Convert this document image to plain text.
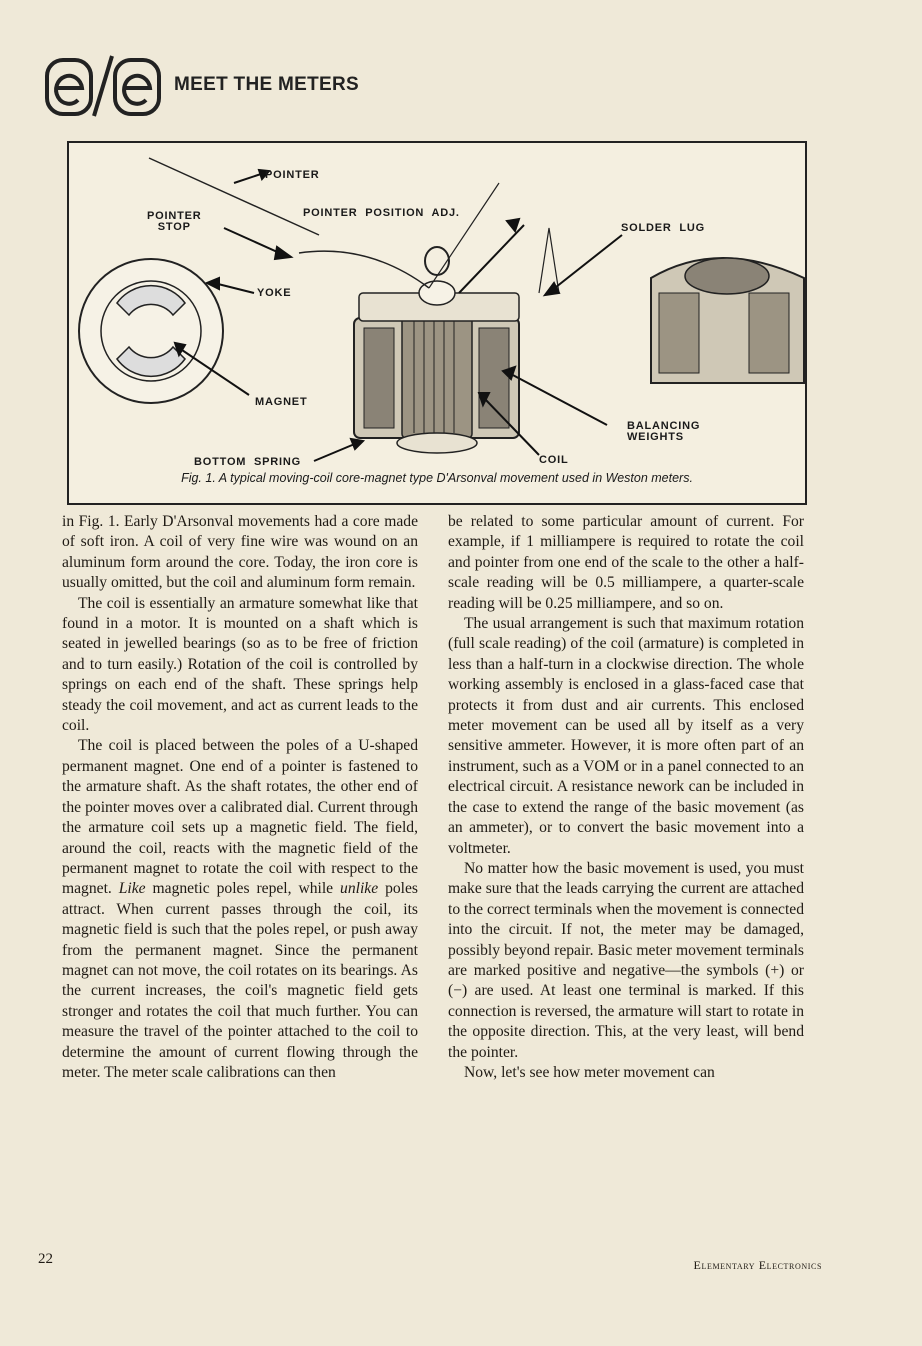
MEET THE METERS
POINTER
POINTER
STOP
POINTER  POSITION  ADJ.
SOLDER  LUG
YOKE
MAGNET
BALANCING
WEIGHTS
BOTTOM  SPRING	COIL
Fig. 1. A typical moving-coil core-magnet type D'Arsonval movement used in Weston meters.

in Fig. 1. Early D'Arsonval movements had a core made of soft iron. A coil of very fine wire was wound on an aluminum form around the core. Today, the iron core is usually omitted, but the coil and aluminum form remain.

The coil is essentially an armature somewhat like that found in a motor. It is mounted on a shaft which is seated in jewelled bearings (so as to be free of friction and to turn easily.) Rotation of the coil is controlled by springs on each end of the shaft. These springs help steady the coil movement, and act as current leads to the coil.

The coil is placed between the poles of a U-shaped permanent magnet. One end of a pointer is fastened to the armature shaft. As the shaft rotates, the other end of the pointer moves over a calibrated dial. Current through the armature coil sets up a magnetic field. The field, around the coil, reacts with the magnetic field of the permanent magnet to rotate the coil with respect to the magnet. Like magnetic poles repel, while unlike poles attract. When current passes through the coil, its magnetic field is such that the poles repel, or push away from the permanent magnet. Since the permanent magnet can not move, the coil rotates on its bearings. As the current increases, the coil's magnetic field gets stronger and rotates the coil that much further. You can measure the travel of the pointer attached to the coil to determine the amount of current flowing through the meter. The meter scale calibrations can then

be related to some particular amount of current. For example, if 1 milliampere is required to rotate the coil and pointer from one end of the scale to the other a half-scale reading will be 0.5 milliampere, a quarter-scale reading will be 0.25 milliampere, and so on.

The usual arrangement is such that maximum rotation (full scale reading) of the coil (armature) is completed in less than a half-turn in a clockwise direction. The whole working assembly is enclosed in a glass-faced case that protects it from dust and air currents. This enclosed meter movement can be used all by itself as a very sensitive ammeter. However, it is more often part of an instrument, such as a VOM or in a panel connected to an electrical circuit. A resistance nework can be included in the case to extend the range of the basic movement (as an ammeter), or to convert the basic movement into a voltmeter.

No matter how the basic movement is used, you must make sure that the leads carrying the current are attached to the correct terminals when the movement is connected into the circuit. If not, the meter may be damaged, possibly beyond repair. Basic meter movement terminals are marked positive and negative—the symbols (+) or (−) are used. At least one terminal is marked. If this connection is reversed, the armature will start to rotate in the opposite direction. This, at the very least, will bend the pointer.

Now, let's see how meter movement can

22	Elementary Electronics
